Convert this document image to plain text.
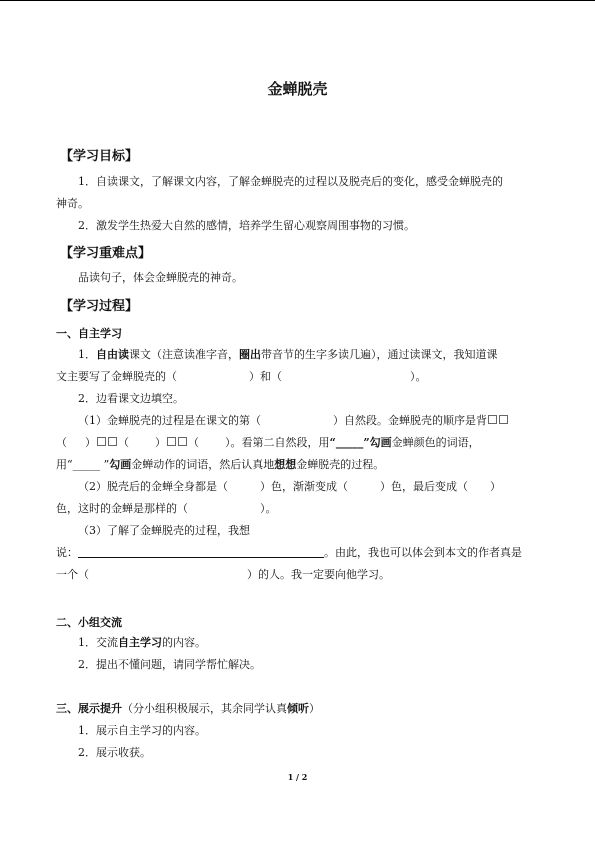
金蝉脱壳
【学习目标】
1．自读课文，了解课文内容，了解金蝉脱壳的过程以及脱壳后的变化，感受金蝉脱壳的
神奇。
2．激发学生热爱大自然的感情，培养学生留心观察周围事物的习惯。
【学习重难点】
品读句子，体会金蝉脱壳的神奇。
【学习过程】
一、自主学习
1．自由读课文（注意读准字音，圈出带音节的生字多读几遍），通过读课文，我知道课
文主要写了金蝉脱壳的（	）和（	）。
2．边看课文边填空。
（1）金蝉脱壳的过程是在课文的第（	）自然段。金蝉脱壳的顺序是背
（ ） （ ） （ ）。看第二自然段，用“_____”勾画金蝉颜色的词语，
用“_____ ”勾画金蝉动作的词语，然后认真地想想金蝉脱壳的过程。
（2）脱壳后的金蝉全身都是（	）色，渐渐变成（	）色，最后变成（ ）
色，这时的金蝉是那样的（	）。
（3）了解了金蝉脱壳的过程，我想
说：	。由此，我也可以体会到本文的作者真是
一个（	）的人。我一定要向他学习。
二、小组交流
1．交流自主学习的内容。
2．提出不懂问题，请同学帮忙解决。
三、展示提升（分小组积极展示，其余同学认真倾听）
1．展示自主学习的内容。
2．展示收获。
1 / 2
